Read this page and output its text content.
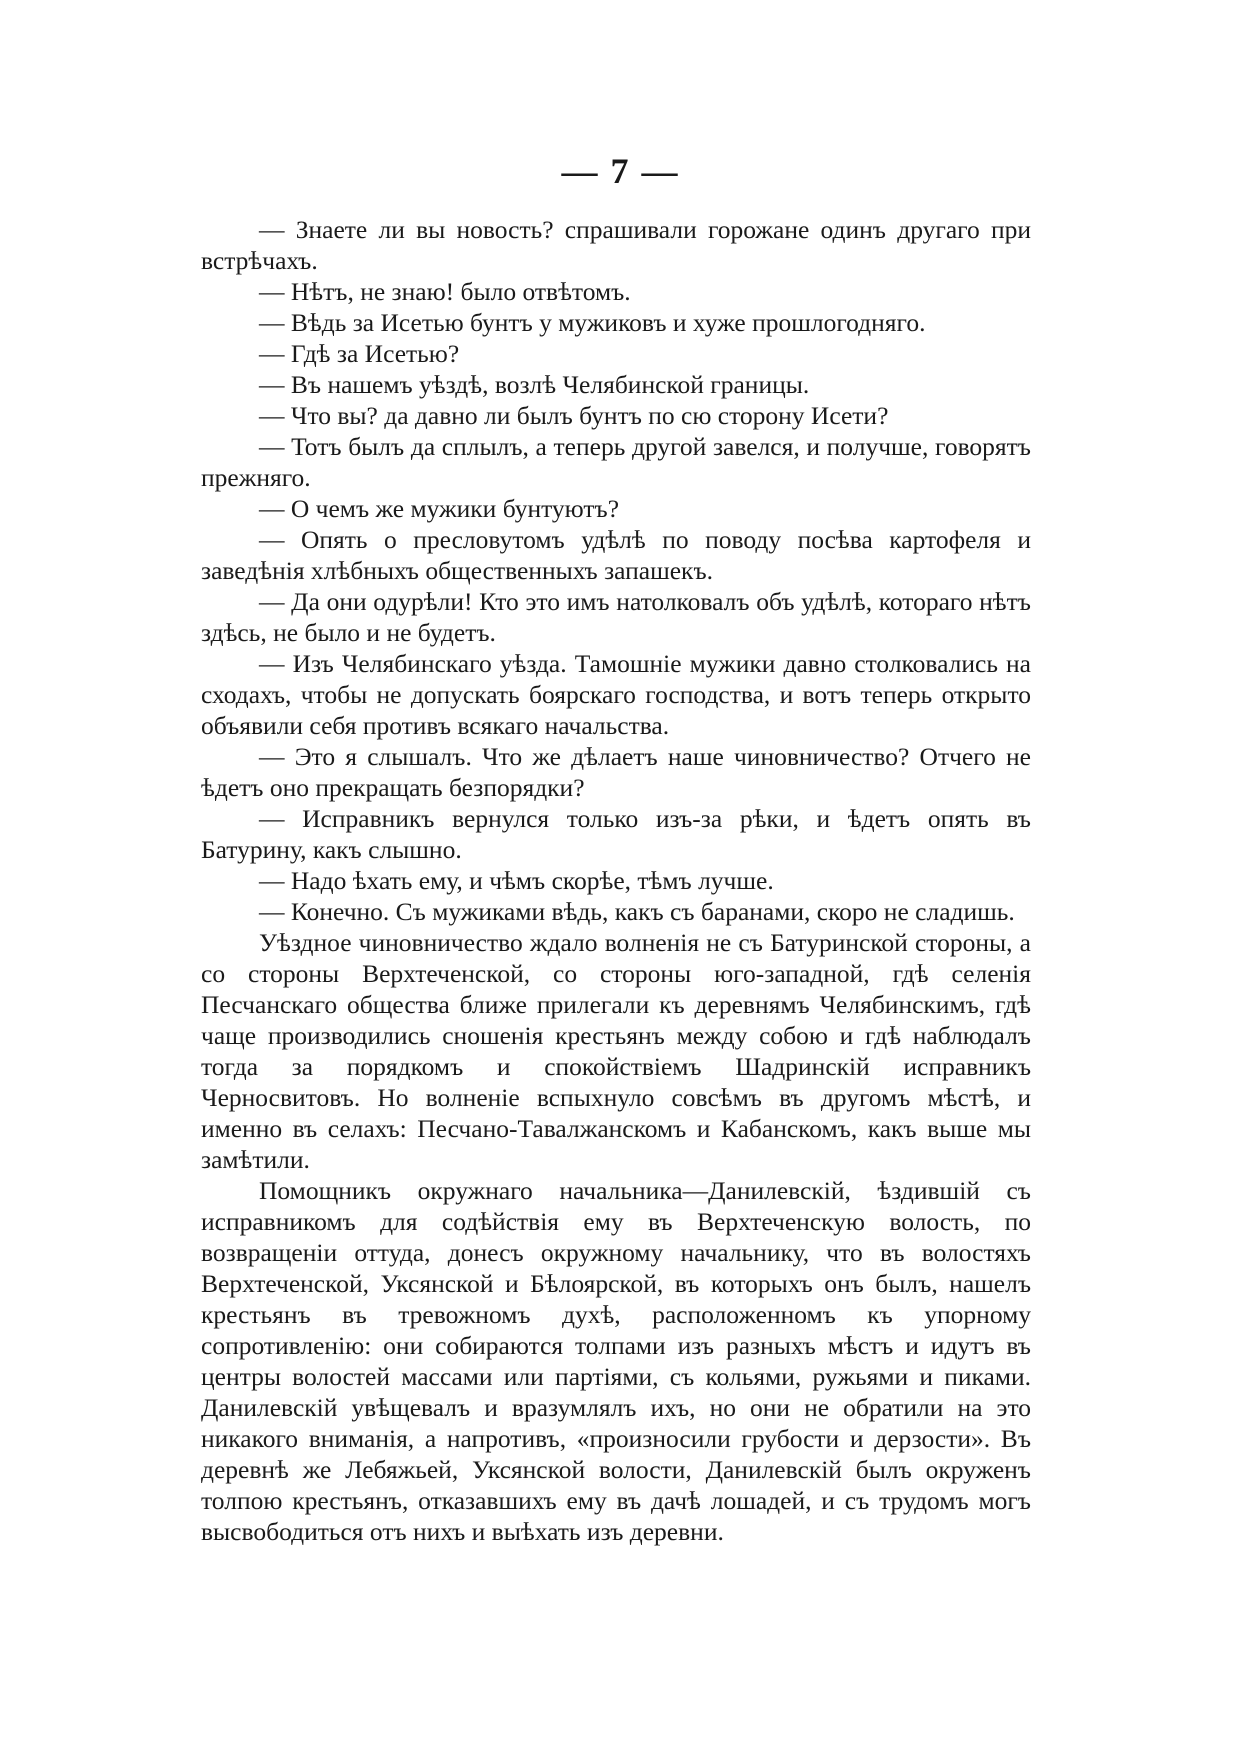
— 7 —

— Знаете ли вы новость? спрашивали горожане одинъ другаго при встрѣчахъ.

— Нѣтъ, не знаю! было отвѣтомъ.

— Вѣдь за Исетью бунтъ у мужиковъ и хуже прошлогодняго.

— Гдѣ за Исетью?

— Въ нашемъ уѣздѣ, возлѣ Челябинской границы.

— Что вы? да давно ли былъ бунтъ по сю сторону Исети?

— Тотъ былъ да сплылъ, а теперь другой завелся, и получше, говорятъ прежняго.

— О чемъ же мужики бунтуютъ?

— Опять о пресловутомъ удѣлѣ по поводу посѣва картофеля и заведѣнія хлѣбныхъ общественныхъ запашекъ.

— Да они одурѣли! Кто это имъ натолковалъ объ удѣлѣ, котораго нѣтъ здѣсь, не было и не будетъ.

— Изъ Челябинскаго уѣзда. Тамошніе мужики давно столковались на сходахъ, чтобы не допускать боярскаго господства, и вотъ теперь открыто объявили себя противъ всякаго начальства.

— Это я слышалъ. Что же дѣлаетъ наше чиновничество? Отчего не ѣдетъ оно прекращать безпорядки?

— Исправникъ вернулся только изъ-за рѣки, и ѣдетъ опять въ Батурину, какъ слышно.

— Надо ѣхать ему, и чѣмъ скорѣе, тѣмъ лучше.

— Конечно. Съ мужиками вѣдь, какъ съ баранами, скоро не сладишь.

Уѣздное чиновничество ждало волненія не съ Батуринской стороны, а со стороны Верхтеченской, со стороны юго-западной, гдѣ селенія Песчанскаго общества ближе прилегали къ деревнямъ Челябинскимъ, гдѣ чаще производились сношенія крестьянъ между собою и гдѣ наблюдалъ тогда за порядкомъ и спокойствіемъ Шадринскій исправникъ Черносвитовъ. Но волненіе вспыхнуло совсѣмъ въ другомъ мѣстѣ, и именно въ селахъ: Песчано-Тавалжанскомъ и Кабанскомъ, какъ выше мы замѣтили.

Помощникъ окружнаго начальника—Данилевскій, ѣздившій съ исправникомъ для содѣйствія ему въ Верхтеченскую волость, по возвращеніи оттуда, донесъ окружному начальнику, что въ волостяхъ Верхтеченской, Уксянской и Бѣлоярской, въ которыхъ онъ былъ, нашелъ крестьянъ въ тревожномъ духѣ, расположенномъ къ упорному сопротивленію: они собираются толпами изъ разныхъ мѣстъ и идутъ въ центры волостей массами или партіями, съ кольями, ружьями и пиками. Данилевскій увѣщевалъ и вразумлялъ ихъ, но они не обратили на это никакого вниманія, а напротивъ, «произносили грубости и дерзости». Въ деревнѣ же Лебяжьей, Уксянской волости, Данилевскій былъ окруженъ толпою крестьянъ, отказавшихъ ему въ дачѣ лошадей, и съ трудомъ могъ высвободиться отъ нихъ и выѣхать изъ деревни.
